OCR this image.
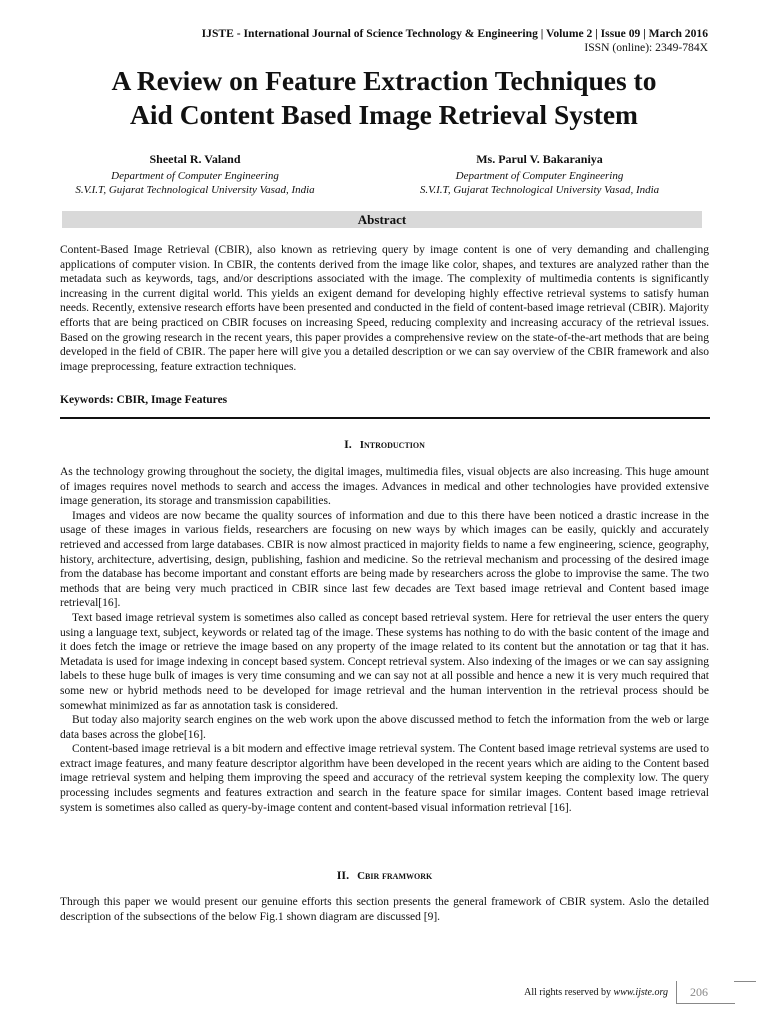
IJSTE - International Journal of Science Technology & Engineering | Volume 2 | Issue 09 | March 2016
ISSN (online): 2349-784X
A Review on Feature Extraction Techniques to
Aid Content Based Image Retrieval System
Sheetal R. Valand
Department of Computer Engineering
S.V.I.T, Gujarat Technological University Vasad, India
Ms. Parul V. Bakaraniya
Department of Computer Engineering
S.V.I.T, Gujarat Technological University Vasad, India
Abstract

Content-Based Image Retrieval (CBIR), also known as retrieving query by image content is one of very demanding and challenging applications of computer vision. In CBIR, the contents derived from the image like color, shapes, and textures are analyzed rather than the metadata such as keywords, tags, and/or descriptions associated with the image. The complexity of multimedia contents is significantly increasing in the current digital world. This yields an exigent demand for developing highly effective retrieval systems to satisfy human needs. Recently, extensive research efforts have been presented and conducted in the field of content-based image retrieval (CBIR). Majority efforts that are being practiced on CBIR focuses on increasing Speed, reducing complexity and increasing accuracy of the retrieval issues. Based on the growing research in the recent years, this paper provides a comprehensive review on the state-of-the-art methods that are being developed in the field of CBIR. The paper here will give you a detailed description or we can say overview of the CBIR framework and also image preprocessing, feature extraction techniques.

Keywords: CBIR, Image Features
I. Introduction

As the technology growing throughout the society, the digital images, multimedia files, visual objects are also increasing. This huge amount of images requires novel methods to search and access the images. Advances in medical and other technologies have provided extensive image generation, its storage and transmission capabilities.

Images and videos are now became the quality sources of information and due to this there have been noticed a drastic increase in the usage of these images in various fields, researchers are focusing on new ways by which images can be easily, quickly and accurately retrieved and accessed from large databases. CBIR is now almost practiced in majority fields to name a few engineering, science, geography, history, architecture, advertising, design, publishing, fashion and medicine. So the retrieval mechanism and processing of the desired image from the database has become important and constant efforts are being made by researchers across the globe to improvise the same. The two methods that are being very much practiced in CBIR since last few decades are Text based image retrieval and Content based image retrieval[16].

Text based image retrieval system is sometimes also called as concept based retrieval system. Here for retrieval the user enters the query using a language text, subject, keywords or related tag of the image. These systems has nothing to do with the basic content of the image and it does fetch the image or retrieve the image based on any property of the image related to its content but the annotation or tag that it has. Metadata is used for image indexing in concept based system. Concept retrieval system. Also indexing of the images or we can say assigning labels to these huge bulk of images is very time consuming and we can say not at all possible and hence a new it is very much required that some new or hybrid methods need to be developed for image retrieval and the human intervention in the retrieval process should be somewhat minimized as far as annotation task is considered.

But today also majority search engines on the web work upon the above discussed method to fetch the information from the web or large data bases across the globe[16].

Content-based image retrieval is a bit modern and effective image retrieval system. The Content based image retrieval systems are used to extract image features, and many feature descriptor algorithm have been developed in the recent years which are aiding to the Content based image retrieval system and helping them improving the speed and accuracy of the retrieval system keeping the complexity low. The query processing includes segments and features extraction and search in the feature space for similar images. Content based image retrieval system is sometimes also called as query-by-image content and content-based visual information retrieval [16].

II. Cbir framwork

Through this paper we would present our genuine efforts this section presents the general framework of CBIR system. Aslo the detailed description of the subsections of the below Fig.1 shown diagram are discussed [9].

All rights reserved by www.ijste.org 206
